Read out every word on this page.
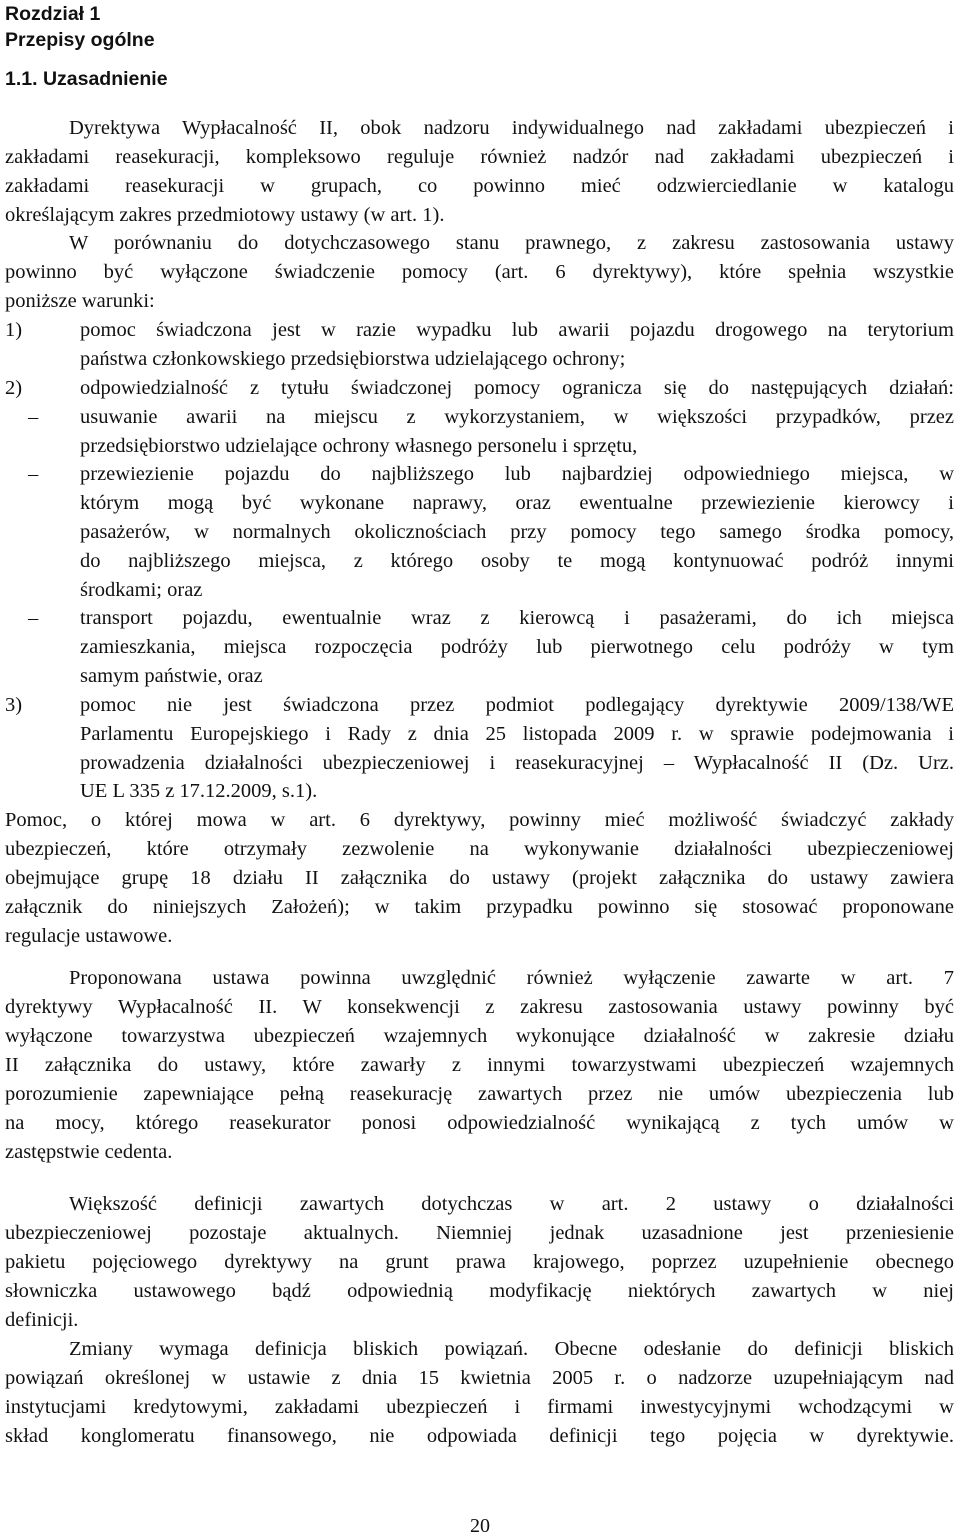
Rozdział 1
Przepisy ogólne
1.1. Uzasadnienie
Dyrektywa Wypłacalność II, obok nadzoru indywidualnego nad zakładami ubezpieczeń i
zakładami reasekuracji, kompleksowo reguluje również nadzór nad zakładami ubezpieczeń i
zakładami reasekuracji w grupach, co powinno mieć odzwierciedlanie w katalogu
określającym zakres przedmiotowy ustawy (w art. 1).
W porównaniu do dotychczasowego stanu prawnego, z zakresu zastosowania ustawy
powinno być wyłączone świadczenie pomocy (art. 6 dyrektywy), które spełnia wszystkie
poniższe warunki:
1)	pomoc świadczona jest w razie wypadku lub awarii pojazdu drogowego na terytorium
państwa członkowskiego przedsiębiorstwa udzielającego ochrony;
2)	odpowiedzialność z tytułu świadczonej pomocy ogranicza się do następujących działań:
– usuwanie awarii na miejscu z wykorzystaniem, w większości przypadków, przez
przedsiębiorstwo udzielające ochrony własnego personelu i sprzętu,
– przewiezienie pojazdu do najbliższego lub najbardziej odpowiedniego miejsca, w
którym mogą być wykonane naprawy, oraz ewentualne przewiezienie kierowcy i
pasażerów, w normalnych okolicznościach przy pomocy tego samego środka pomocy,
do najbliższego miejsca, z którego osoby te mogą kontynuować podróż innymi
środkami; oraz
– transport pojazdu, ewentualnie wraz z kierowcą i pasażerami, do ich miejsca
zamieszkania, miejsca rozpoczęcia podróży lub pierwotnego celu podróży w tym
samym państwie, oraz
3)	pomoc nie jest świadczona przez podmiot podlegający dyrektywie 2009/138/WE
Parlamentu Europejskiego i Rady z dnia 25 listopada 2009 r. w sprawie podejmowania i
prowadzenia działalności ubezpieczeniowej i reasekuracyjnej – Wypłacalność II (Dz. Urz.
UE L 335 z 17.12.2009, s.1).
Pomoc, o której mowa w art. 6 dyrektywy, powinny mieć możliwość świadczyć zakłady
ubezpieczeń, które otrzymały zezwolenie na wykonywanie działalności ubezpieczeniowej
obejmujące grupę 18 działu II załącznika do ustawy (projekt załącznika do ustawy zawiera
załącznik do niniejszych Założeń); w takim przypadku powinno się stosować proponowane
regulacje ustawowe.
Proponowana ustawa powinna uwzględnić również wyłączenie zawarte w art. 7
dyrektywy Wypłacalność II. W konsekwencji z zakresu zastosowania ustawy powinny być
wyłączone towarzystwa ubezpieczeń wzajemnych wykonujące działalność w zakresie działu
II załącznika do ustawy, które zawarły z innymi towarzystwami ubezpieczeń wzajemnych
porozumienie zapewniające pełną reasekurację zawartych przez nie umów ubezpieczenia lub
na mocy, którego reasekurator ponosi odpowiedzialność wynikającą z tych umów w
zastępstwie cedenta.
Większość definicji zawartych dotychczas w art. 2 ustawy o działalności
ubezpieczeniowej pozostaje aktualnych. Niemniej jednak uzasadnione jest przeniesienie
pakietu pojęciowego dyrektywy na grunt prawa krajowego, poprzez uzupełnienie obecnego
słowniczka ustawowego bądź odpowiednią modyfikację niektórych zawartych w niej
definicji.
Zmiany wymaga definicja bliskich powiązań. Obecne odesłanie do definicji bliskich
powiązań określonej w ustawie z dnia 15 kwietnia 2005 r. o nadzorze uzupełniającym nad
instytucjami kredytowymi, zakładami ubezpieczeń i firmami inwestycyjnymi wchodzącymi w
skład konglomeratu finansowego, nie odpowiada definicji tego pojęcia w dyrektywie.
20
